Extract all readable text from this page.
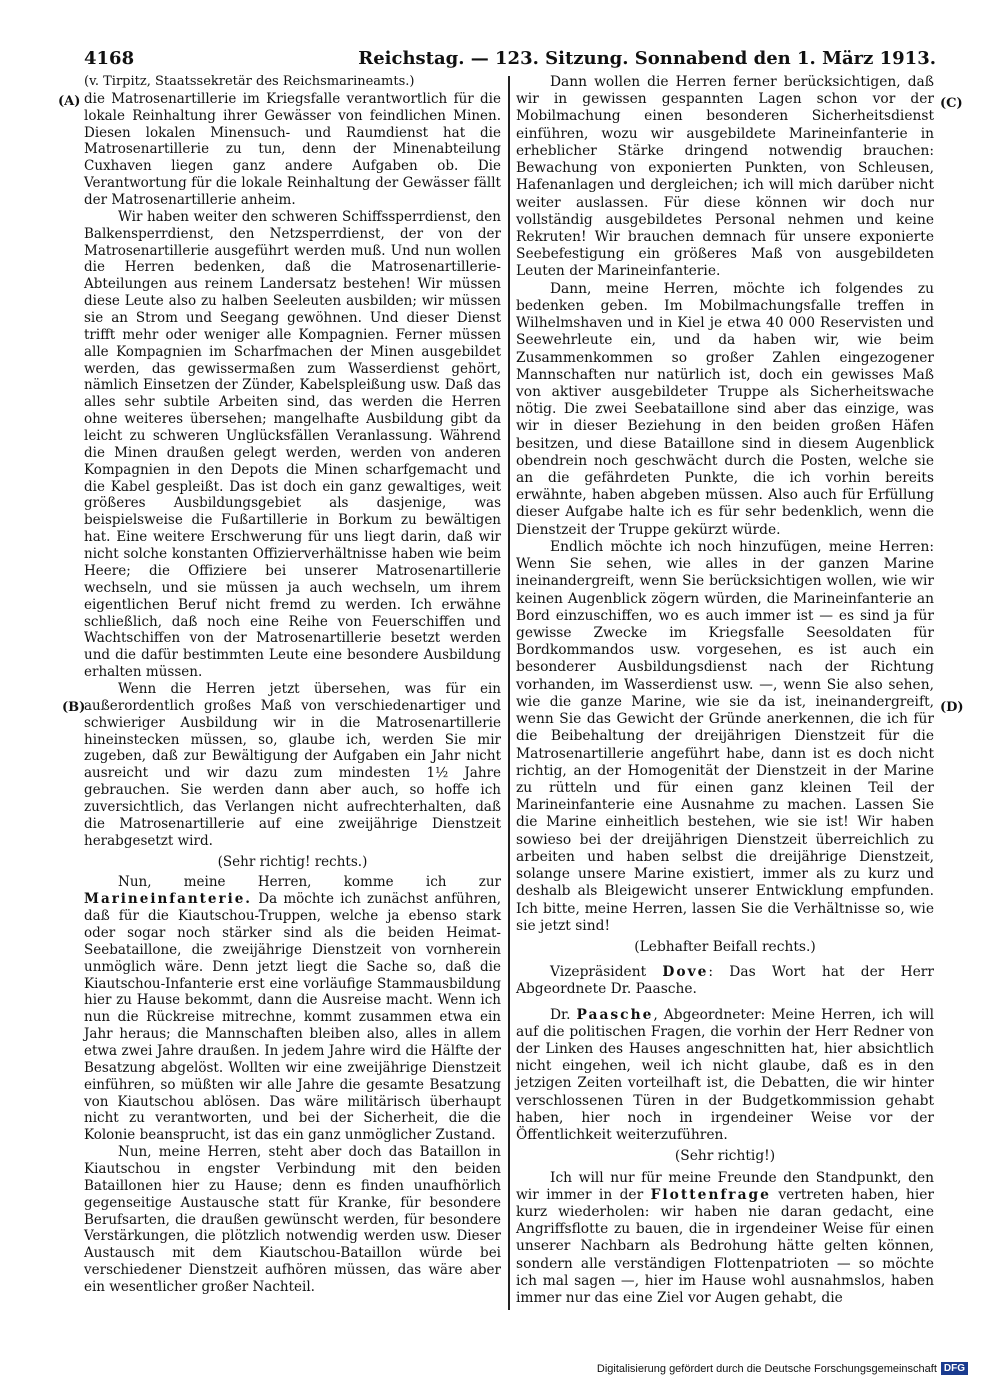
4168	Reichstag. — 123. Sitzung. Sonnabend den 1. März 1913.
(A)
(B)
(C)
(D)

(v. Tirpitz, Staatssekretär des Reichsmarineamts.)

die Matrosenartillerie im Kriegsfalle verantwortlich für die lokale Reinhaltung ihrer Gewässer von feindlichen Minen. Diesen lokalen Minensuch- und Raumdienst hat die Matrosenartillerie zu tun, denn der Minenabteilung Cuxhaven liegen ganz andere Aufgaben ob. Die Verantwortung für die lokale Reinhaltung der Gewässer fällt der Matrosenartillerie anheim.

Wir haben weiter den schweren Schiffssperrdienst, den Balkensperrdienst, den Netzsperrdienst, der von der Matrosenartillerie ausgeführt werden muß. Und nun wollen die Herren bedenken, daß die Matrosenartillerie-Abteilungen aus reinem Landersatz bestehen! Wir müssen diese Leute also zu halben Seeleuten ausbilden; wir müssen sie an Strom und Seegang gewöhnen. Und dieser Dienst trifft mehr oder weniger alle Kompagnien. Ferner müssen alle Kompagnien im Scharfmachen der Minen ausgebildet werden, das gewissermaßen zum Wasserdienst gehört, nämlich Einsetzen der Zünder, Kabelspleißung usw. Daß das alles sehr subtile Arbeiten sind, das werden die Herren ohne weiteres übersehen; mangelhafte Ausbildung gibt da leicht zu schweren Unglücksfällen Veranlassung. Während die Minen draußen gelegt werden, werden von anderen Kompagnien in den Depots die Minen scharfgemacht und die Kabel gespleißt. Das ist doch ein ganz gewaltiges, weit größeres Ausbildungsgebiet als dasjenige, was beispielsweise die Fußartillerie in Borkum zu bewältigen hat. Eine weitere Erschwerung für uns liegt darin, daß wir nicht solche konstanten Offizierverhältnisse haben wie beim Heere; die Offiziere bei unserer Matrosenartillerie wechseln, und sie müssen ja auch wechseln, um ihrem eigentlichen Beruf nicht fremd zu werden. Ich erwähne schließlich, daß noch eine Reihe von Feuerschiffen und Wachtschiffen von der Matrosenartillerie besetzt werden und die dafür bestimmten Leute eine besondere Ausbildung erhalten müssen.

Wenn die Herren jetzt übersehen, was für ein außerordentlich großes Maß von verschiedenartiger und schwieriger Ausbildung wir in die Matrosenartillerie hineinstecken müssen, so, glaube ich, werden Sie mir zugeben, daß zur Bewältigung der Aufgaben ein Jahr nicht ausreicht und wir dazu zum mindesten 1½ Jahre gebrauchen. Sie werden dann aber auch, so hoffe ich zuversichtlich, das Verlangen nicht aufrechterhalten, daß die Matrosenartillerie auf eine zweijährige Dienstzeit herabgesetzt wird.

(Sehr richtig! rechts.)

Nun, meine Herren, komme ich zur Marineinfanterie. Da möchte ich zunächst anführen, daß für die Kiautschou-Truppen, welche ja ebenso stark oder sogar noch stärker sind als die beiden Heimat-Seebataillone, die zweijährige Dienstzeit von vornherein unmöglich wäre. Denn jetzt liegt die Sache so, daß die Kiautschou-Infanterie erst eine vorläufige Stammausbildung hier zu Hause bekommt, dann die Ausreise macht. Wenn ich nun die Rückreise mitrechne, kommt zusammen etwa ein Jahr heraus; die Mannschaften bleiben also, alles in allem etwa zwei Jahre draußen. In jedem Jahre wird die Hälfte der Besatzung abgelöst. Wollten wir eine zweijährige Dienstzeit einführen, so müßten wir alle Jahre die gesamte Besatzung von Kiautschou ablösen. Das wäre militärisch überhaupt nicht zu verantworten, und bei der Sicherheit, die die Kolonie beansprucht, ist das ein ganz unmöglicher Zustand.

Nun, meine Herren, steht aber doch das Bataillon in Kiautschou in engster Verbindung mit den beiden Bataillonen hier zu Hause; denn es finden unaufhörlich gegenseitige Austausche statt für Kranke, für besondere Berufsarten, die draußen gewünscht werden, für besondere Verstärkungen, die plötzlich notwendig werden usw. Dieser Austausch mit dem Kiautschou-Bataillon würde bei verschiedener Dienstzeit aufhören müssen, das wäre aber ein wesentlicher großer Nachteil.

Dann wollen die Herren ferner berücksichtigen, daß wir in gewissen gespannten Lagen schon vor der Mobilmachung einen besonderen Sicherheitsdienst einführen, wozu wir ausgebildete Marineinfanterie in erheblicher Stärke dringend notwendig brauchen: Bewachung von exponierten Punkten, von Schleusen, Hafenanlagen und dergleichen; ich will mich darüber nicht weiter auslassen. Für diese können wir doch nur vollständig ausgebildetes Personal nehmen und keine Rekruten! Wir brauchen demnach für unsere exponierte Seebefestigung ein größeres Maß von ausgebildeten Leuten der Marineinfanterie.

Dann, meine Herren, möchte ich folgendes zu bedenken geben. Im Mobilmachungsfalle treffen in Wilhelmshaven und in Kiel je etwa 40 000 Reservisten und Seewehrleute ein, und da haben wir, wie beim Zusammenkommen so großer Zahlen eingezogener Mannschaften nur natürlich ist, doch ein gewisses Maß von aktiver ausgebildeter Truppe als Sicherheitswache nötig. Die zwei Seebataillone sind aber das einzige, was wir in dieser Beziehung in den beiden großen Häfen besitzen, und diese Bataillone sind in diesem Augenblick obendrein noch geschwächt durch die Posten, welche sie an die gefährdeten Punkte, die ich vorhin bereits erwähnte, haben abgeben müssen. Also auch für Erfüllung dieser Aufgabe halte ich es für sehr bedenklich, wenn die Dienstzeit der Truppe gekürzt würde.

Endlich möchte ich noch hinzufügen, meine Herren: Wenn Sie sehen, wie alles in der ganzen Marine ineinandergreift, wenn Sie berücksichtigen wollen, wie wir keinen Augenblick zögern würden, die Marineinfanterie an Bord einzuschiffen, wo es auch immer ist — es sind ja für gewisse Zwecke im Kriegsfalle Seesoldaten für Bordkommandos usw. vorgesehen, es ist auch ein besonderer Ausbildungsdienst nach der Richtung vorhanden, im Wasserdienst usw. —, wenn Sie also sehen, wie die ganze Marine, wie sie da ist, ineinandergreift, wenn Sie das Gewicht der Gründe anerkennen, die ich für die Beibehaltung der dreijährigen Dienstzeit für die Matrosenartillerie angeführt habe, dann ist es doch nicht richtig, an der Homogenität der Dienstzeit in der Marine zu rütteln und für einen ganz kleinen Teil der Marineinfanterie eine Ausnahme zu machen. Lassen Sie die Marine einheitlich bestehen, wie sie ist! Wir haben sowieso bei der dreijährigen Dienstzeit überreichlich zu arbeiten und haben selbst die dreijährige Dienstzeit, solange unsere Marine existiert, immer als zu kurz und deshalb als Bleigewicht unserer Entwicklung empfunden. Ich bitte, meine Herren, lassen Sie die Verhältnisse so, wie sie jetzt sind!

(Lebhafter Beifall rechts.)

Vizepräsident Dove: Das Wort hat der Herr Abgeordnete Dr. Paasche.

Dr. Paasche, Abgeordneter: Meine Herren, ich will auf die politischen Fragen, die vorhin der Herr Redner von der Linken des Hauses angeschnitten hat, hier absichtlich nicht eingehen, weil ich nicht glaube, daß es in den jetzigen Zeiten vorteilhaft ist, die Debatten, die wir hinter verschlossenen Türen in der Budgetkommission gehabt haben, hier noch in irgendeiner Weise vor der Öffentlichkeit weiterzuführen.

(Sehr richtig!)

Ich will nur für meine Freunde den Standpunkt, den wir immer in der Flottenfrage vertreten haben, hier kurz wiederholen: wir haben nie daran gedacht, eine Angriffsflotte zu bauen, die in irgendeiner Weise für einen unserer Nachbarn als Bedrohung hätte gelten können, sondern alle verständigen Flottenpatrioten — so möchte ich mal sagen —, hier im Hause wohl ausnahmslos, haben immer nur das eine Ziel vor Augen gehabt, die

Digitalisierung gefördert durch die Deutsche Forschungsgemeinschaft DFG
